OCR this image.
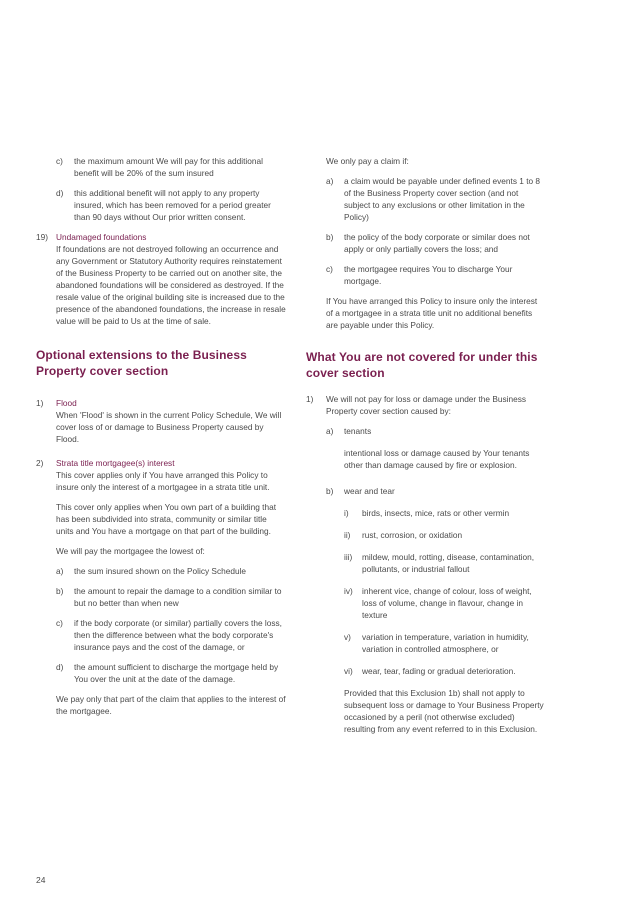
c)	the maximum amount We will pay for this additional benefit will be 20% of the sum insured
d)	this additional benefit will not apply to any property insured, which has been removed for a period greater than 90 days without Our prior written consent.
19) Undamaged foundations
If foundations are not destroyed following an occurrence and any Government or Statutory Authority requires reinstatement of the Business Property to be carried out on another site, the abandoned foundations will be considered as destroyed. If the resale value of the original building site is increased due to the presence of the abandoned foundations, the increase in resale value will be paid to Us at the time of sale.
Optional extensions to the Business Property cover section
1)	Flood
When 'Flood' is shown in the current Policy Schedule, We will cover loss of or damage to Business Property caused by Flood.
2)	Strata title mortgagee(s) interest

This cover applies only if You have arranged this Policy to insure only the interest of a mortgagee in a strata title unit.

This cover only applies when You own part of a building that has been subdivided into strata, community or similar title units and You have a mortgage on that part of the building.

We will pay the mortgagee the lowest of:

a)	the sum insured shown on the Policy Schedule
b)	the amount to repair the damage to a condition similar to but no better than when new
c)	if the body corporate (or similar) partially covers the loss, then the difference between what the body corporate's insurance pays and the cost of the damage, or
d)	the amount sufficient to discharge the mortgage held by You over the unit at the date of the damage.

We pay only that part of the claim that applies to the interest of the mortgagee.

We only pay a claim if:

a)	a claim would be payable under defined events 1 to 8 of the Business Property cover section (and not subject to any exclusions or other limitation in the Policy)
b)	the policy of the body corporate or similar does not apply or only partially covers the loss; and
c)	the mortgagee requires You to discharge Your mortgage.

If You have arranged this Policy to insure only the interest of a mortgagee in a strata title unit no additional benefits are payable under this Policy.

What You are not covered for under this cover section
1)	We will not pay for loss or damage under the Business Property cover section caused by:

a)	tenants
intentional loss or damage caused by Your tenants other than damage caused by fire or explosion.
b)	wear and tear
i)	birds, insects, mice, rats or other vermin
ii)	rust, corrosion, or oxidation
iii)	mildew, mould, rotting, disease, contamination, pollutants, or industrial fallout
iv)	inherent vice, change of colour, loss of weight, loss of volume, change in flavour, change in texture
v)	variation in temperature, variation in humidity, variation in controlled atmosphere, or
vi)	wear, tear, fading or gradual deterioration.

Provided that this Exclusion 1b) shall not apply to subsequent loss or damage to Your Business Property occasioned by a peril (not otherwise excluded) resulting from any event referred to in this Exclusion.

24
